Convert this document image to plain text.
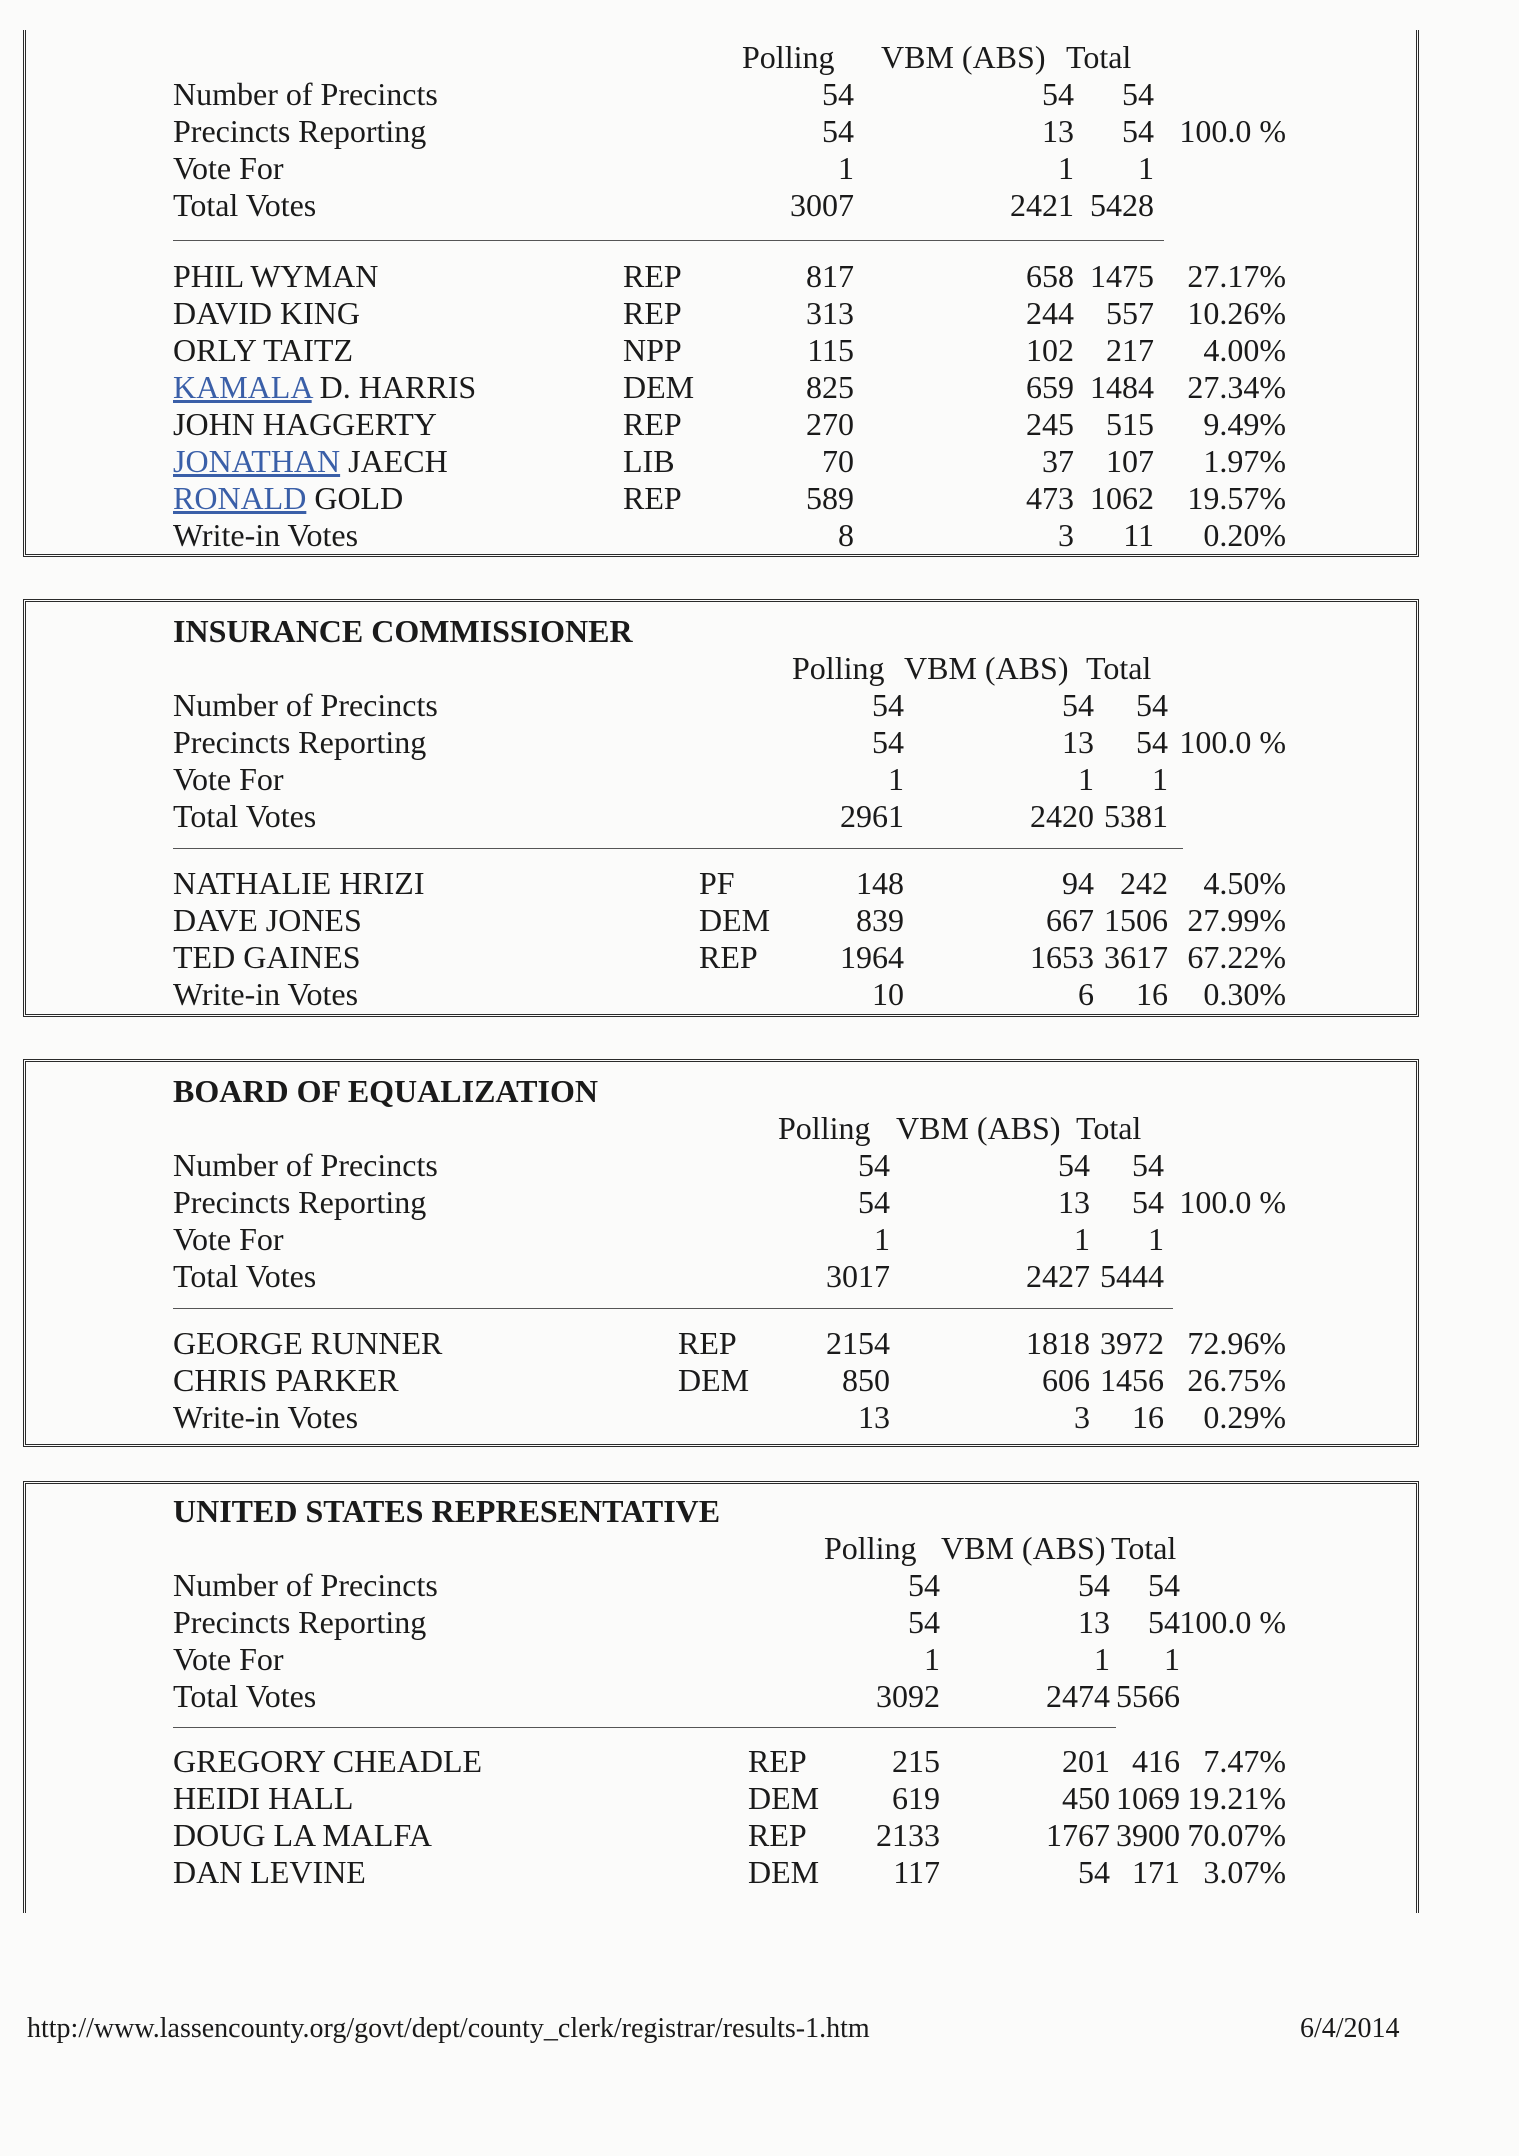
Polling VBM (ABS) Total
Number of Precincts	54	54 54
Precincts Reporting	54	13 54 100.0 %
Vote For	1	1 1
Total Votes	3007	2421 5428
PHIL WYMAN	REP	817	658 1475 27.17%
DAVID KING	REP	313	244 557 10.26%
ORLY TAITZ	NPP	115	102 217 4.00%
KAMALA D. HARRIS	DEM	825	659 1484 27.34%
JOHN HAGGERTY	REP	270	245 515 9.49%
JONATHAN JAECH	LIB	70	37 107 1.97%
RONALD GOLD	REP	589	473 1062 19.57%
Write-in Votes	8	3 11 0.20%
INSURANCE COMMISSIONER
Polling VBM (ABS) Total
Number of Precincts	54	54 54
Precincts Reporting	54	13 54 100.0 %
Vote For	1	1 1
Total Votes	2961	2420 5381
NATHALIE HRIZI	PF	148	94 242 4.50%
DAVE JONES	DEM	839	667 1506 27.99%
TED GAINES	REP	1964	1653 3617 67.22%
Write-in Votes	10	6 16 0.30%
BOARD OF EQUALIZATION
Polling VBM (ABS) Total
Number of Precincts	54	54 54
Precincts Reporting	54	13 54 100.0 %
Vote For	1	1 1
Total Votes	3017	2427 5444
GEORGE RUNNER	REP	2154	1818 3972 72.96%
CHRIS PARKER	DEM	850	606 1456 26.75%
Write-in Votes	13	3 16 0.29%
UNITED STATES REPRESENTATIVE
Polling VBM (ABS) Total
Number of Precincts	54	54 54
Precincts Reporting	54	13 54 100.0 %
Vote For	1	1 1
Total Votes	3092	2474 5566
GREGORY CHEADLE	REP	215	201 416 7.47%
HEIDI HALL	DEM 619	450 1069 19.21%
DOUG LA MALFA	REP 2133	1767 3900 70.07%
DAN LEVINE	DEM 117	54 171 3.07%
http://www.lassencounty.org/govt/dept/county_clerk/registrar/results-1.htm	6/4/2014
